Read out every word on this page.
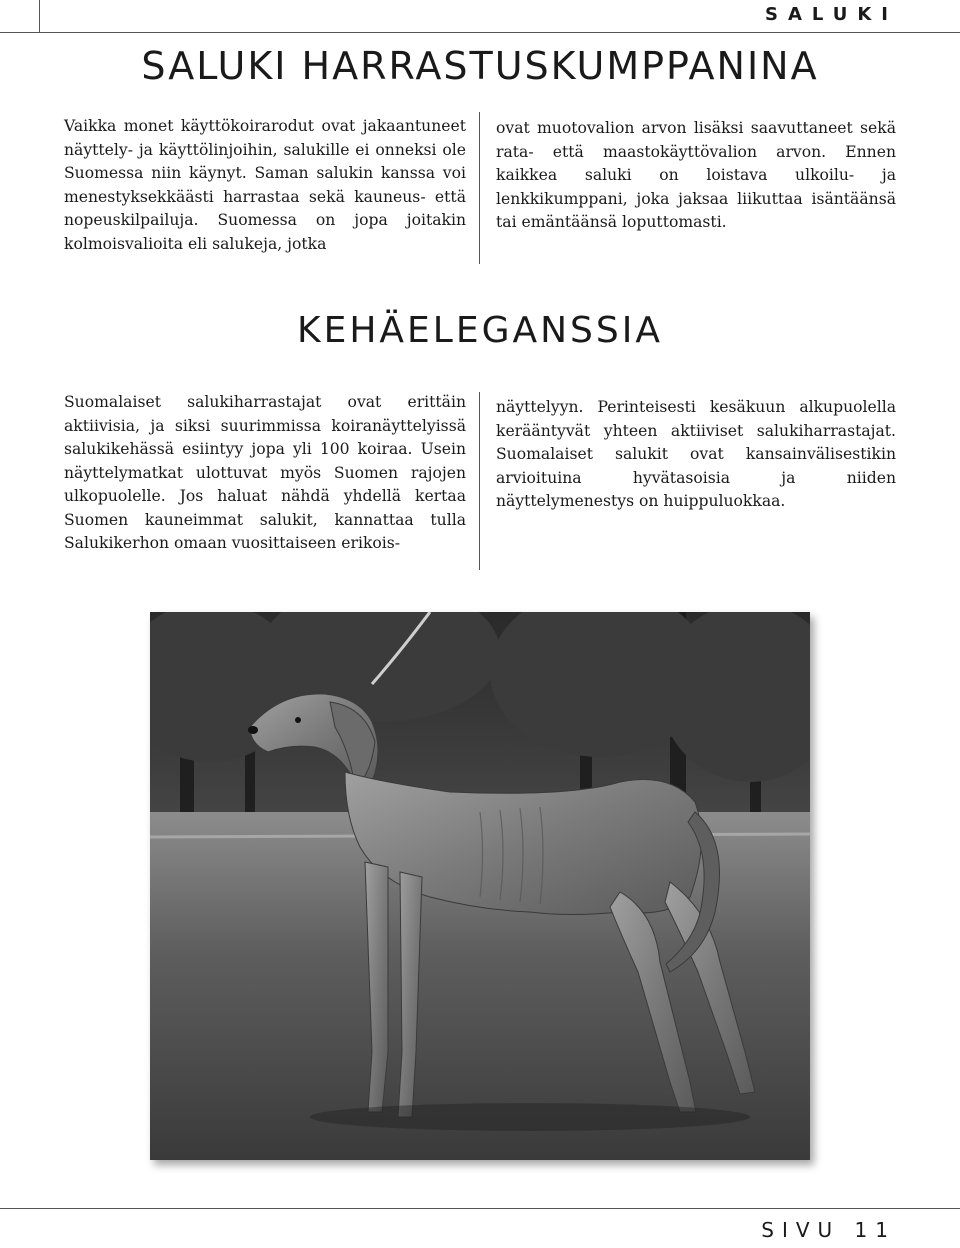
SALUKI
SALUKI HARRASTUSKUMPPANINA

Vaikka monet käyttökoirarodut ovat jakaantuneet näyttely- ja käyttölinjoihin, salukille ei onneksi ole Suomessa niin käynyt. Saman salukin kanssa voi menestyksekkäästi harrastaa sekä kauneus- että nopeuskilpailuja. Suomessa on jopa joitakin kolmoisvalioita eli salukeja, jotka

ovat muotovalion arvon lisäksi saavuttaneet sekä rata- että maastokäyttövalion arvon. Ennen kaikkea saluki on loistava ulkoilu- ja lenkkikumppani, joka jaksaa liikuttaa isäntäänsä tai emäntäänsä loputtomasti.

KEHÄELEGANSSIA

Suomalaiset salukiharrastajat ovat erittäin aktiivisia, ja siksi suurimmissa koiranäyttelyissä salukikehässä esiintyy jopa yli 100 koiraa. Usein näyttelymatkat ulottuvat myös Suomen rajojen ulkopuolelle. Jos haluat nähdä yhdellä kertaa Suomen kauneimmat salukit, kannattaa tulla Salukikerhon omaan vuosittaiseen erikois-

näyttelyyn. Perinteisesti kesäkuun alkupuolella kerääntyvät yhteen aktiiviset salukiharrastajat. Suomalaiset salukit ovat kansainvälisestikin arvioituina hyvätasoisia ja niiden näyttelymenestys on huippuluokkaa.

SIVU 11
